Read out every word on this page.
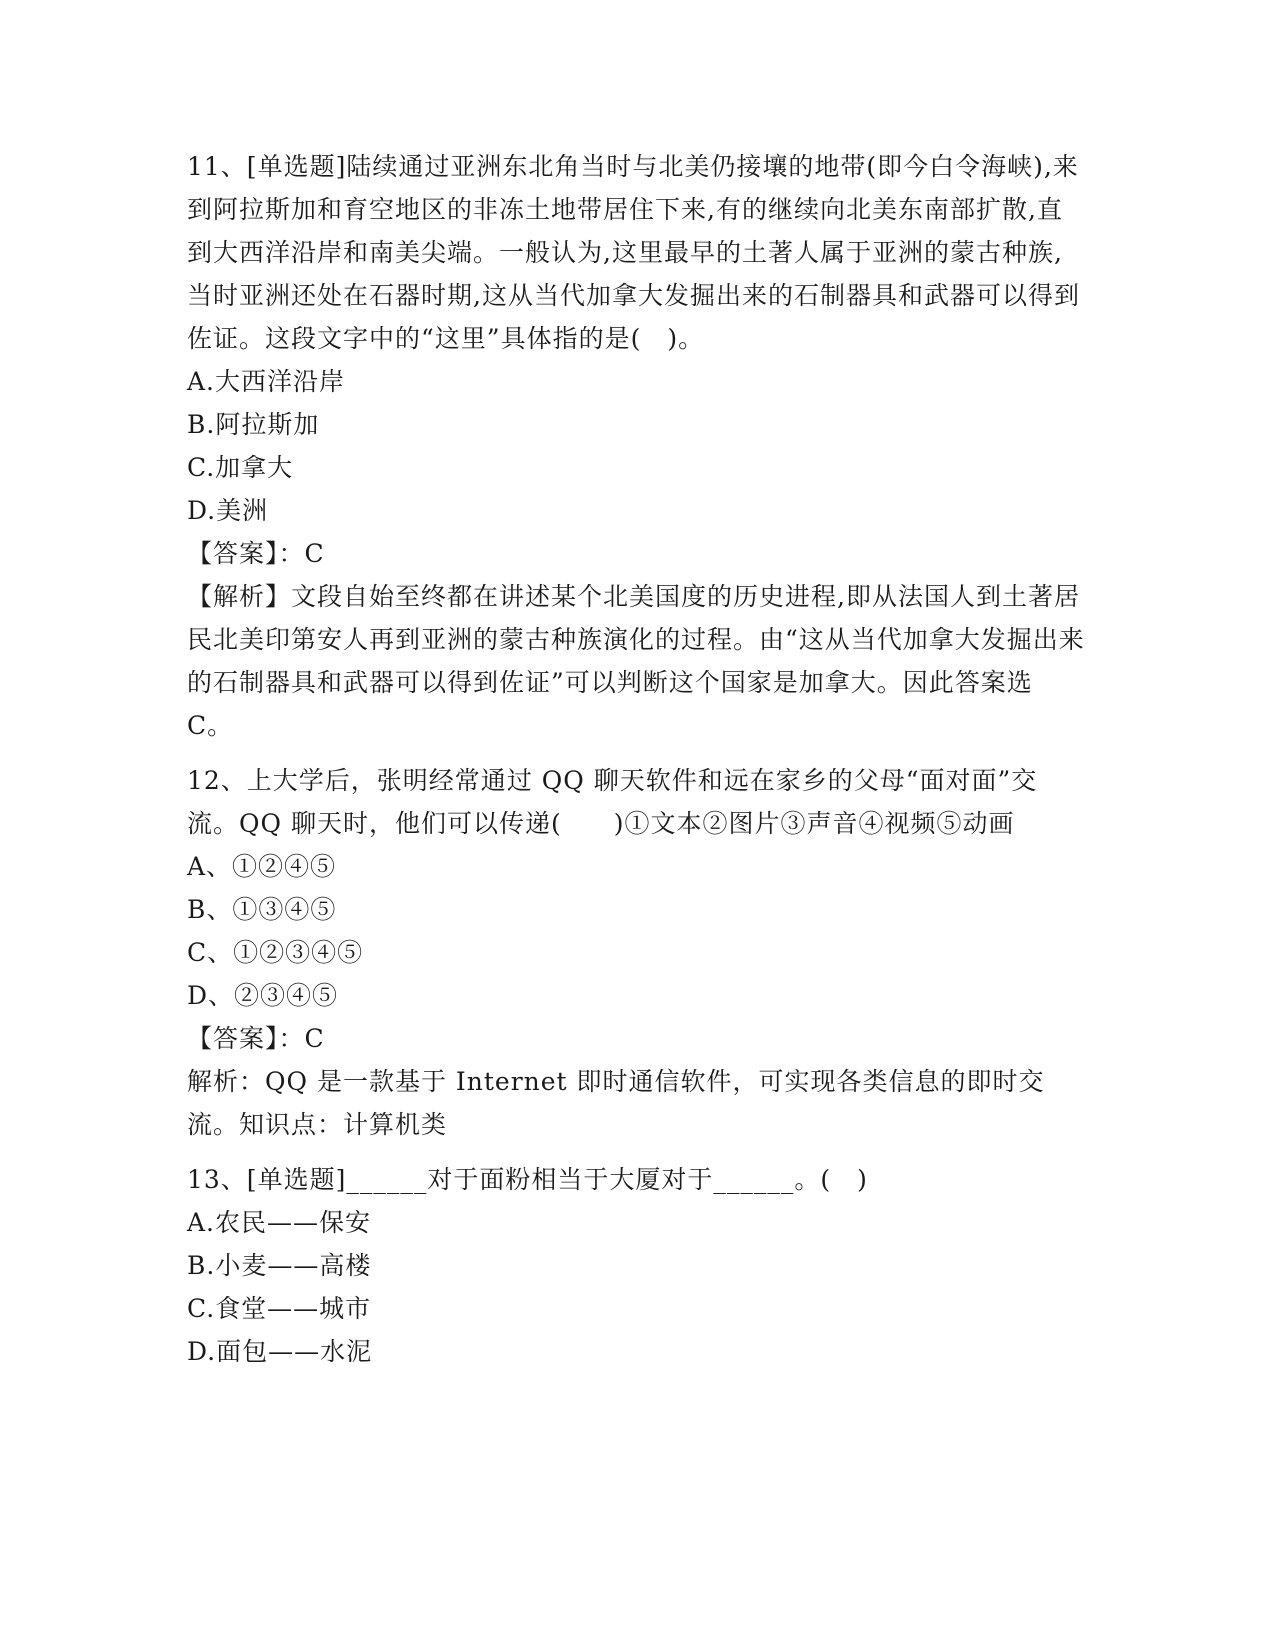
11、[单选题]陆续通过亚洲东北角当时与北美仍接壤的地带(即今白令海峡),来到阿拉斯加和育空地区的非冻土地带居住下来,有的继续向北美东南部扩散,直到大西洋沿岸和南美尖端。一般认为,这里最早的土著人属于亚洲的蒙古种族,当时亚洲还处在石器时期,这从当代加拿大发掘出来的石制器具和武器可以得到佐证。这段文字中的“这里”具体指的是(　)。

A.大西洋沿岸

B.阿拉斯加

C.加拿大

D.美洲

【答案】：C

【解析】文段自始至终都在讲述某个北美国度的历史进程,即从法国人到土著居民北美印第安人再到亚洲的蒙古种族演化的过程。由“这从当代加拿大发掘出来的石制器具和武器可以得到佐证”可以判断这个国家是加拿大。因此答案选 C。

12、上大学后，张明经常通过 QQ 聊天软件和远在家乡的父母“面对面”交流。QQ 聊天时，他们可以传递(　　)①文本②图片③声音④视频⑤动画

A、①②④⑤

B、①③④⑤

C、①②③④⑤

D、②③④⑤

【答案】：C

解析：QQ 是一款基于 Internet 即时通信软件，可实现各类信息的即时交流。知识点：计算机类

13、[单选题]______对于面粉相当于大厦对于______。(　)

A.农民——保安

B.小麦——高楼

C.食堂——城市

D.面包——水泥
